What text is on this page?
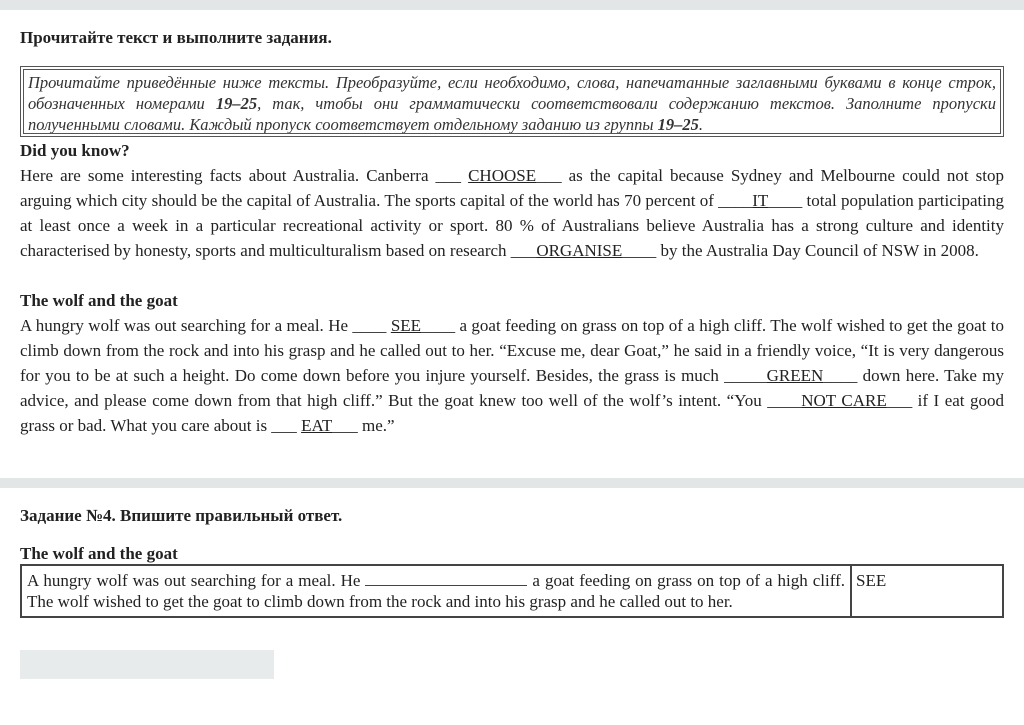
Прочитайте текст и выполните задания.
Прочитайте приведённые ниже тексты. Преобразуйте, если необходимо, слова, напечатанные заглавными буквами в конце строк, обозначенных номерами 19–25, так, чтобы они грамматически соответствовали содержанию текстов. Заполните пропуски полученными словами. Каждый пропуск соответствует отдельному заданию из группы 19–25.
Did you know?

Here are some interesting facts about Australia. Canberra ___ CHOOSE___ as the capital because Sydney and Melbourne could not stop arguing which city should be the capital of Australia. The sports capital of the world has 70 percent of ____IT____ total population participating at least once a week in a particular recreational activity or sport. 80 % of Australians believe Australia has a strong culture and identity characterised by honesty, sports and multiculturalism based on research ___ORGANISE____ by the Australia Day Council of NSW in 2008.

The wolf and the goat

A hungry wolf was out searching for a meal. He ____ SEE____ a goat feeding on grass on top of a high cliff. The wolf wished to get the goat to climb down from the rock and into his grasp and he called out to her. “Excuse me, dear Goat,” he said in a friendly voice, “It is very dangerous for you to be at such a height. Do come down before you injure yourself. Besides, the grass is much _____GREEN____ down here. Take my advice, and please come down from that high cliff.” But the goat knew too well of the wolf’s intent. “You ____NOT CARE___ if I eat good grass or bad. What you care about is ___ EAT___ me.”

Задание №4. Впишите правильный ответ.
The wolf and the goat
A hungry wolf was out searching for a meal. He	a goat feeding on grass on top of a high cliff. The wolf wished to get the goat to climb down from the rock and into his grasp and he called out to her.
SEE
